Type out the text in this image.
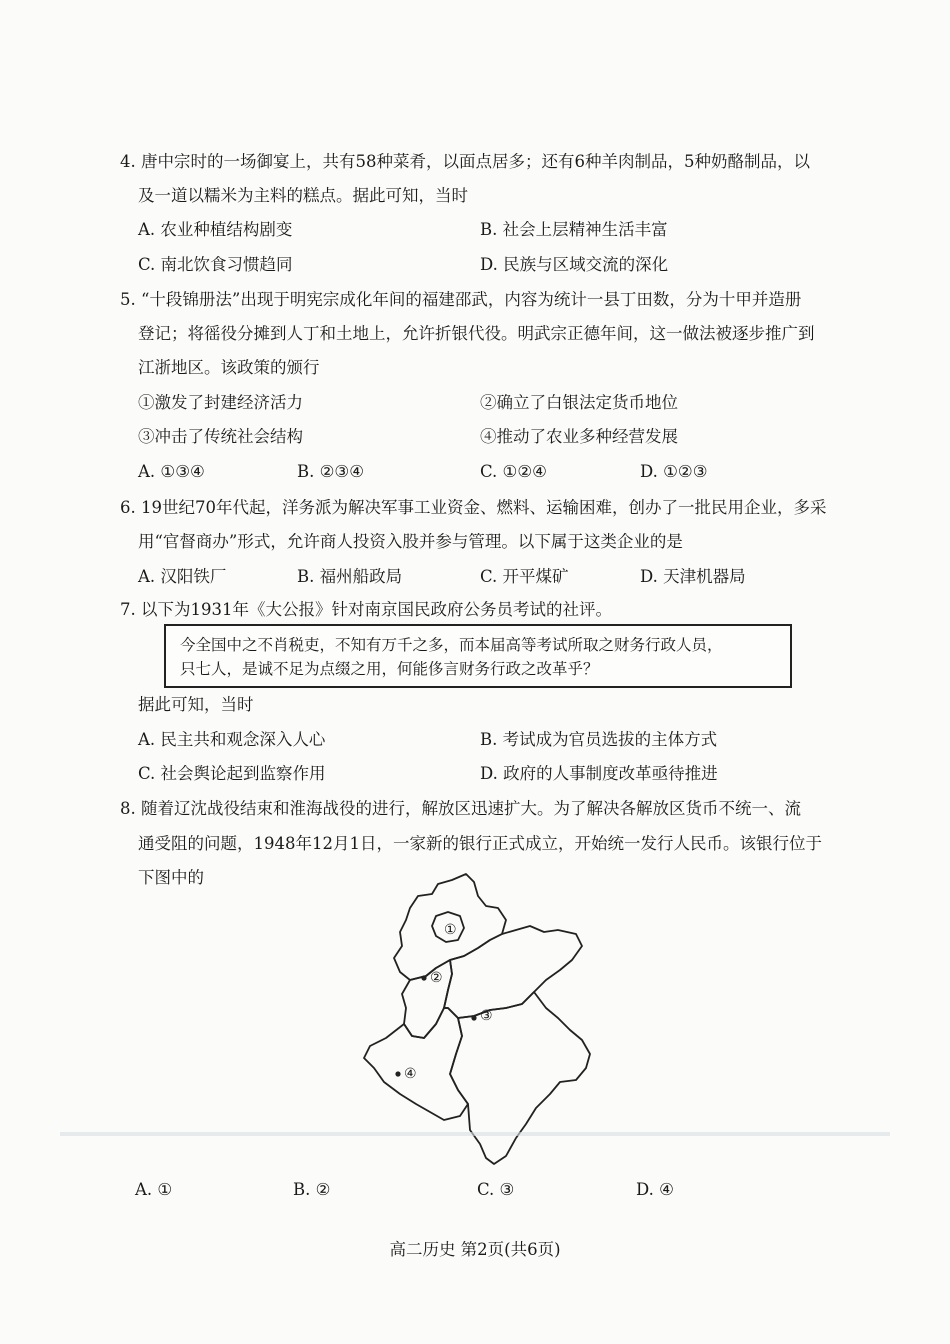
4. 唐中宗时的一场御宴上，共有58种菜肴，以面点居多；还有6种羊肉制品，5种奶酪制品，以
及一道以糯米为主料的糕点。据此可知，当时
A. 农业种植结构剧变	B. 社会上层精神生活丰富
C. 南北饮食习惯趋同	D. 民族与区域交流的深化
5. “十段锦册法”出现于明宪宗成化年间的福建邵武，内容为统计一县丁田数，分为十甲并造册
登记；将徭役分摊到人丁和土地上，允许折银代役。明武宗正德年间，这一做法被逐步推广到
江浙地区。该政策的颁行
①激发了封建经济活力	②确立了白银法定货币地位
③冲击了传统社会结构	④推动了农业多种经营发展
A. ①③④	B. ②③④	C. ①②④	D. ①②③
6. 19世纪70年代起，洋务派为解决军事工业资金、燃料、运输困难，创办了一批民用企业，多采
用“官督商办”形式，允许商人投资入股并参与管理。以下属于这类企业的是
A. 汉阳铁厂	B. 福州船政局	C. 开平煤矿	D. 天津机器局
7. 以下为1931年《大公报》针对南京国民政府公务员考试的社评。
今全国中之不肖税吏，不知有万千之多，而本届高等考试所取之财务行政人员，
只七人，是诚不足为点缀之用，何能侈言财务行政之改革乎？
据此可知，当时
A. 民主共和观念深入人心	B. 考试成为官员选拔的主体方式
C. 社会舆论起到监察作用	D. 政府的人事制度改革亟待推进
8. 随着辽沈战役结束和淮海战役的进行，解放区迅速扩大。为了解决各解放区货币不统一、流
通受阻的问题，1948年12月1日，一家新的银行正式成立，开始统一发行人民币。该银行位于
下图中的
①
②
③
④
A. ①	B. ②	C. ③	D. ④
高二历史 第2页(共6页)
